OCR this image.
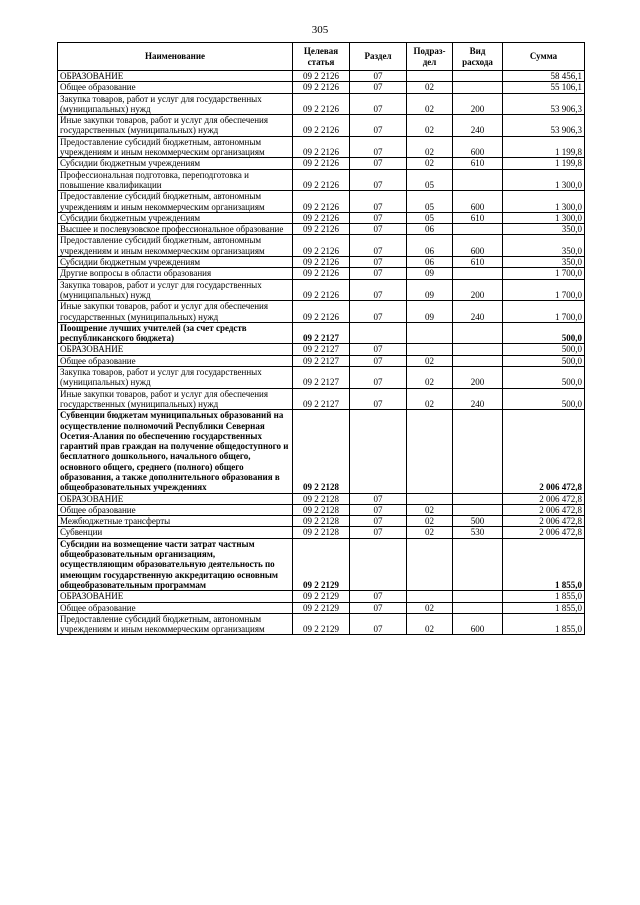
305
Наименование	Целевая статья	Раздел	Подраз- дел	Вид расхода	Сумма
ОБРАЗОВАНИЕ	09 2 2126	07			58 456,1
Общее образование	09 2 2126	07	02		55 106,1
Закупка товаров, работ и услуг для государственных (муниципальных) нужд	09 2 2126	07	02	200	53 906,3
Иные закупки товаров, работ и услуг для обеспечения государственных (муниципальных) нужд	09 2 2126	07	02	240	53 906,3
Предоставление субсидий бюджетным, автономным учреждениям и иным некоммерческим организациям	09 2 2126	07	02	600	1 199,8
Субсидии бюджетным учреждениям	09 2 2126	07	02	610	1 199,8
Профессиональная подготовка, переподготовка и повышение квалификации	09 2 2126	07	05		1 300,0
Предоставление субсидий бюджетным, автономным учреждениям и иным некоммерческим организациям	09 2 2126	07	05	600	1 300,0
Субсидии бюджетным учреждениям	09 2 2126	07	05	610	1 300,0
Высшее и послевузовское профессиональное образование	09 2 2126	07	06		350,0
Предоставление субсидий бюджетным, автономным учреждениям и иным некоммерческим организациям	09 2 2126	07	06	600	350,0
Субсидии бюджетным учреждениям	09 2 2126	07	06	610	350,0
Другие вопросы в области образования	09 2 2126	07	09		1 700,0
Закупка товаров, работ и услуг для государственных (муниципальных) нужд	09 2 2126	07	09	200	1 700,0
Иные закупки товаров, работ и услуг для обеспечения государственных (муниципальных) нужд	09 2 2126	07	09	240	1 700,0
Поощрение лучших учителей (за счет средств республиканского бюджета)	09 2 2127				500,0
ОБРАЗОВАНИЕ	09 2 2127	07			500,0
Общее образование	09 2 2127	07	02		500,0
Закупка товаров, работ и услуг для государственных (муниципальных) нужд	09 2 2127	07	02	200	500,0
Иные закупки товаров, работ и услуг для обеспечения государственных (муниципальных) нужд	09 2 2127	07	02	240	500,0
Субвенции бюджетам муниципальных образований на осуществление полномочий Республики Северная Осетия-Алания по обеспечению государственных гарантий прав граждан на получение общедоступного и бесплатного дошкольного, начального общего, основного общего, среднего (полного) общего образования, а также дополнительного образования в общеобразовательных учреждениях	09 2 2128				2 006 472,8
ОБРАЗОВАНИЕ	09 2 2128	07			2 006 472,8
Общее образование	09 2 2128	07	02		2 006 472,8
Межбюджетные трансферты	09 2 2128	07	02	500	2 006 472,8
Субвенции	09 2 2128	07	02	530	2 006 472,8
Субсидии на возмещение части затрат частным общеобразовательным организациям, осуществляющим образовательную деятельность по имеющим государственную аккредитацию основным общеобразовательным программам	09 2 2129				1 855,0
ОБРАЗОВАНИЕ	09 2 2129	07			1 855,0
Общее образование	09 2 2129	07	02		1 855,0
Предоставление субсидий бюджетным, автономным учреждениям и иным некоммерческим организациям	09 2 2129	07	02	600	1 855,0
